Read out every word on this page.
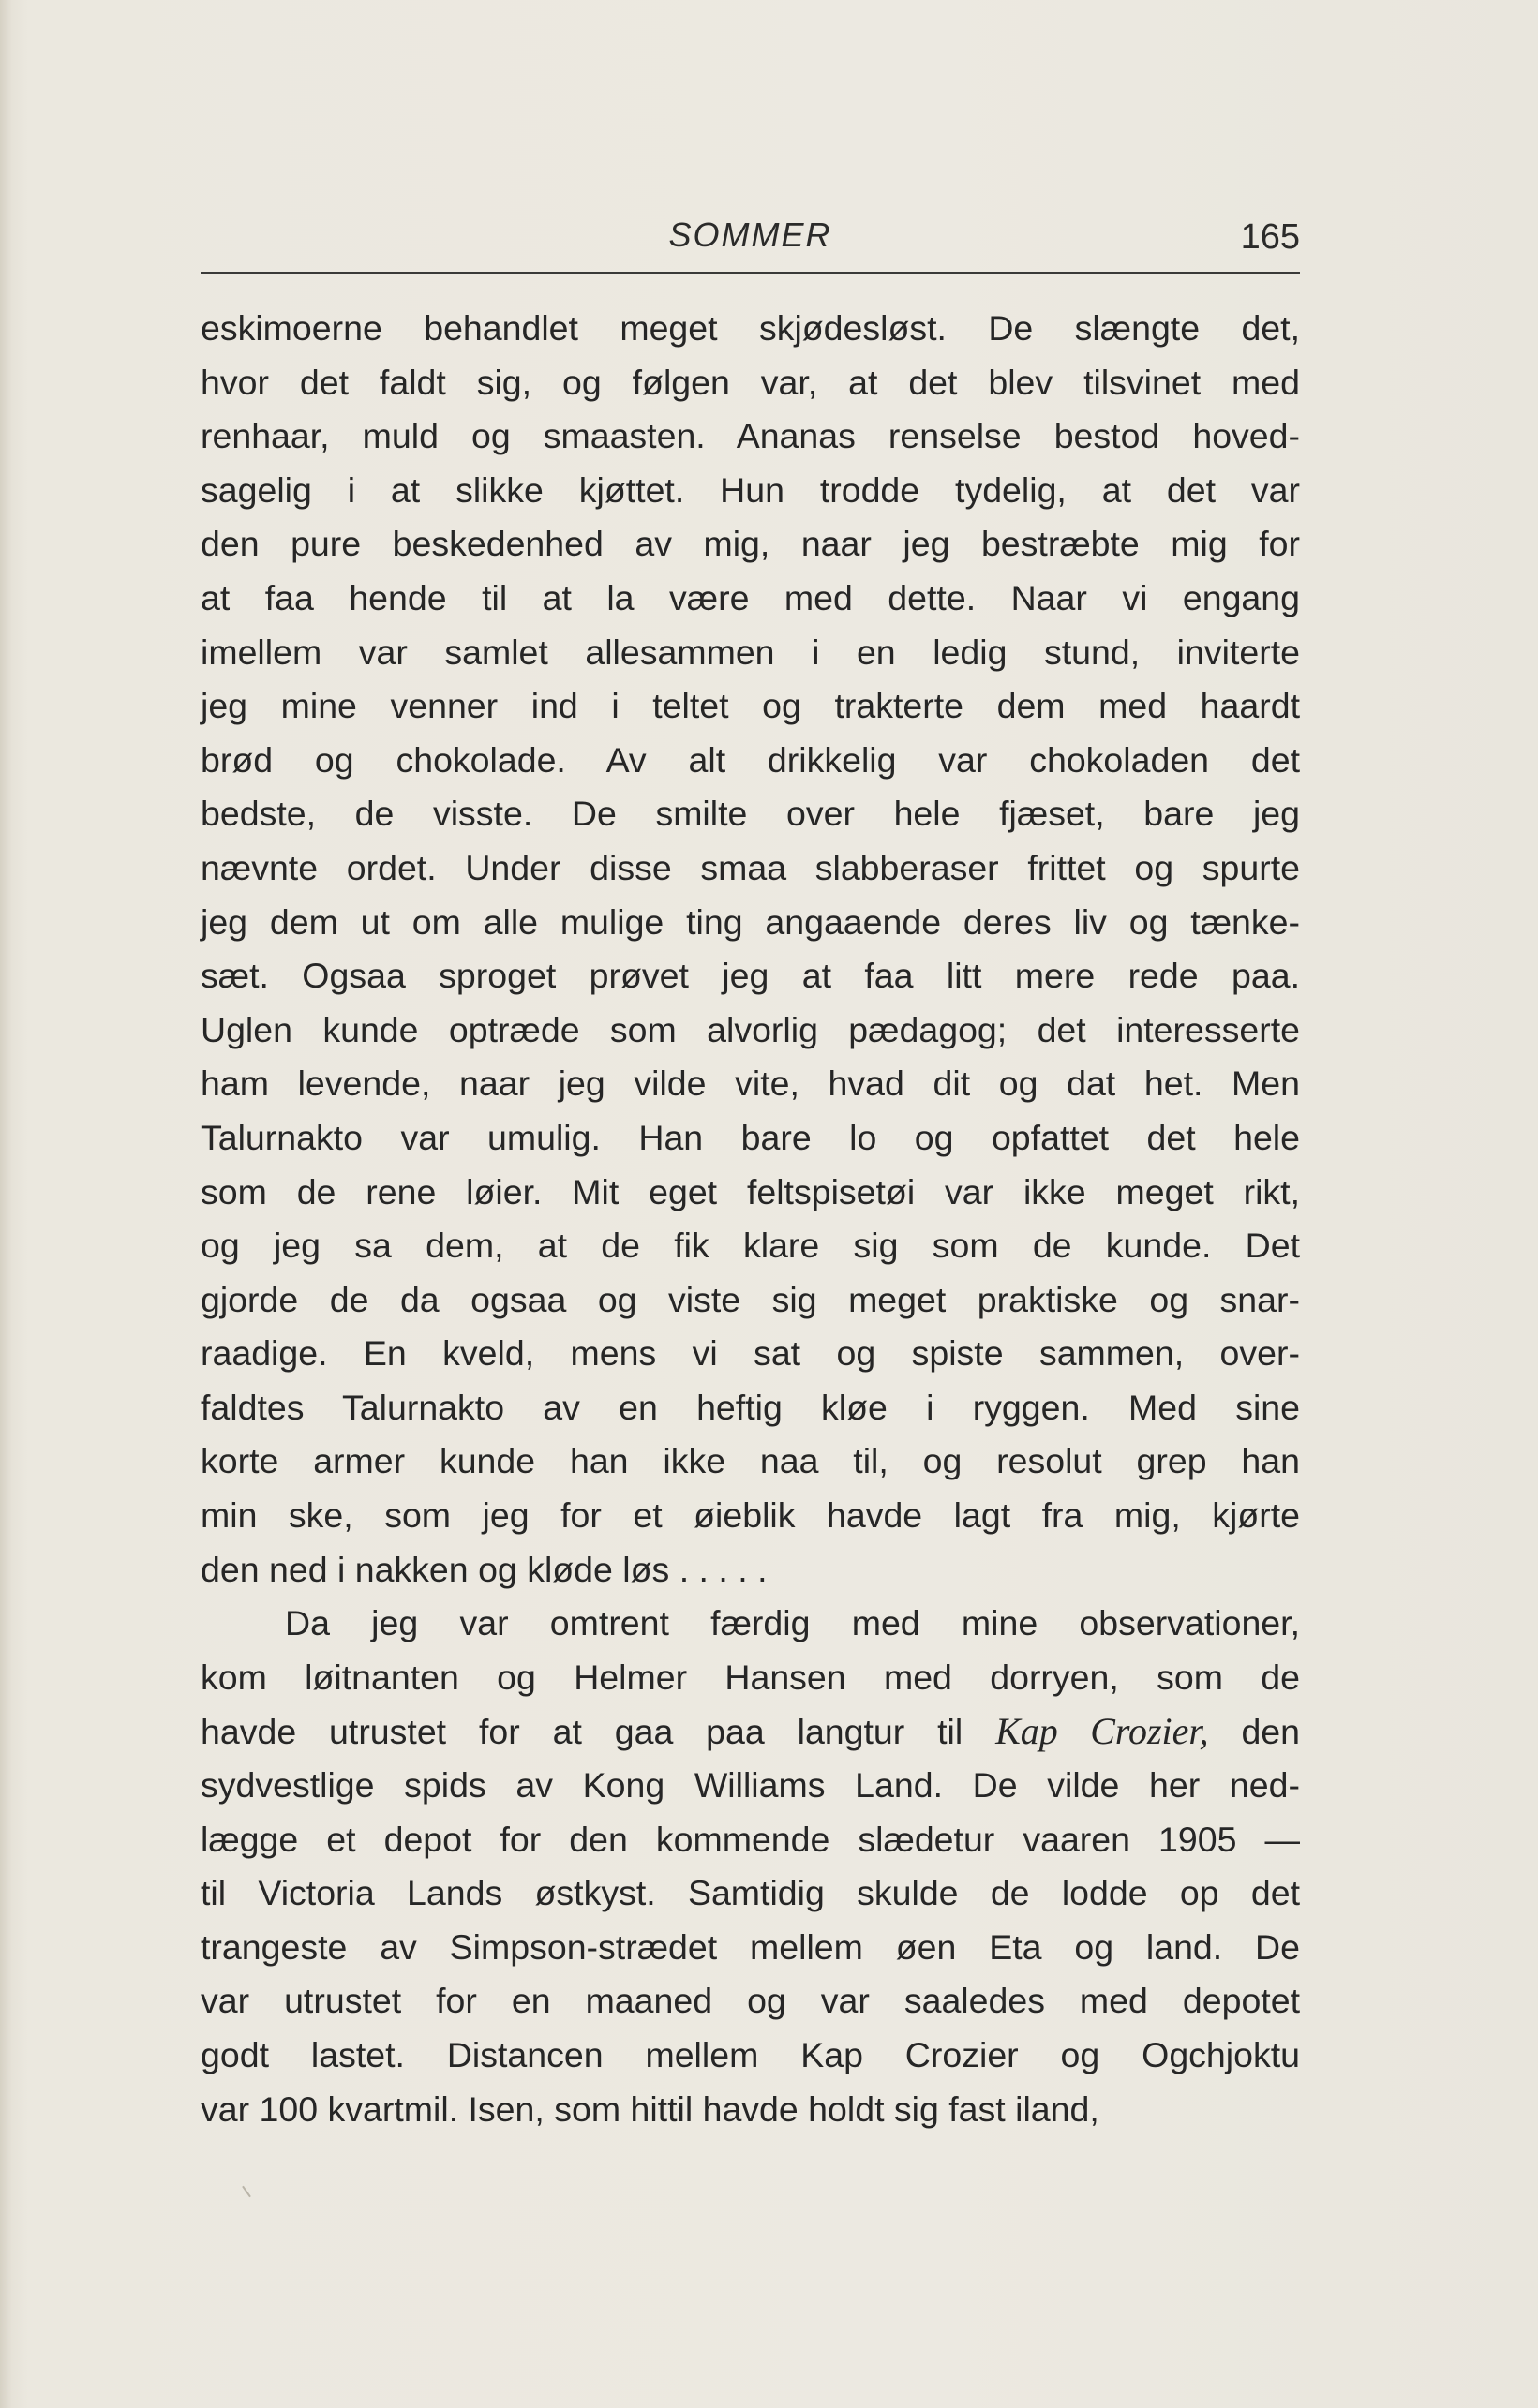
SOMMER	165
eskimoerne behandlet meget skjødesløst. De slængte det,
hvor det faldt sig, og følgen var, at det blev tilsvinet med
renhaar, muld og smaasten. Ananas renselse bestod hoved-
sagelig i at slikke kjøttet. Hun trodde tydelig, at det var
den pure beskedenhed av mig, naar jeg bestræbte mig for
at faa hende til at la være med dette. Naar vi engang
imellem var samlet allesammen i en ledig stund, inviterte
jeg mine venner ind i teltet og trakterte dem med haardt
brød og chokolade. Av alt drikkelig var chokoladen det
bedste, de visste. De smilte over hele fjæset, bare jeg
nævnte ordet. Under disse smaa slabberaser frittet og spurte
jeg dem ut om alle mulige ting angaaende deres liv og tænke-
sæt. Ogsaa sproget prøvet jeg at faa litt mere rede paa.
Uglen kunde optræde som alvorlig pædagog; det interesserte
ham levende, naar jeg vilde vite, hvad dit og dat het. Men
Talurnakto var umulig. Han bare lo og opfattet det hele
som de rene løier. Mit eget feltspisetøi var ikke meget rikt,
og jeg sa dem, at de fik klare sig som de kunde. Det
gjorde de da ogsaa og viste sig meget praktiske og snar-
raadige. En kveld, mens vi sat og spiste sammen, over-
faldtes Talurnakto av en heftig kløe i ryggen. Med sine
korte armer kunde han ikke naa til, og resolut grep han
min ske, som jeg for et øieblik havde lagt fra mig, kjørte
den ned i nakken og kløde løs . . . . .
Da jeg var omtrent færdig med mine observationer,
kom løitnanten og Helmer Hansen med dorryen, som de
havde utrustet for at gaa paa langtur til Kap Crozier, den
sydvestlige spids av Kong Williams Land. De vilde her ned-
lægge et depot for den kommende slædetur vaaren 1905 —
til Victoria Lands østkyst. Samtidig skulde de lodde op det
trangeste av Simpson-strædet mellem øen Eta og land. De
var utrustet for en maaned og var saaledes med depotet
godt lastet. Distancen mellem Kap Crozier og Ogchjoktu
var 100 kvartmil. Isen, som hittil havde holdt sig fast iland,
